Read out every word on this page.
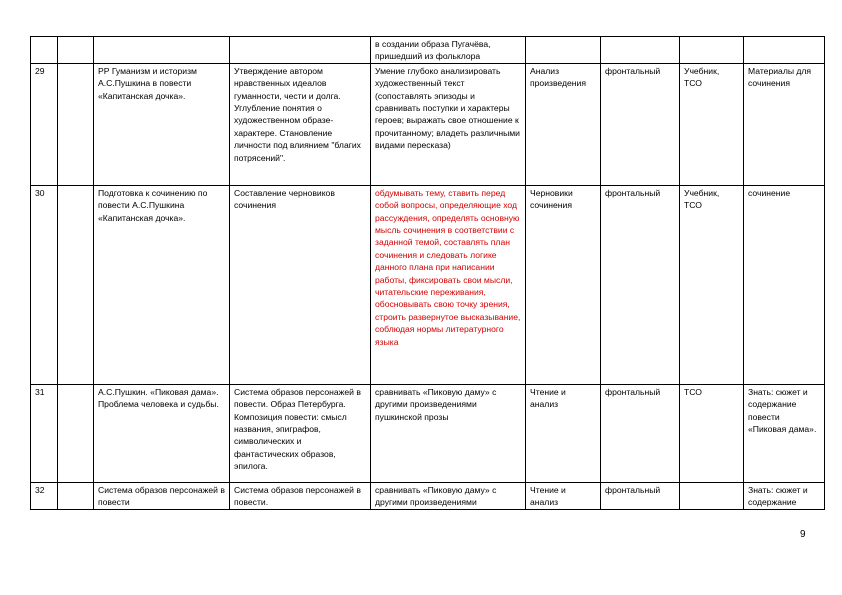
				в создании образа Пугачёва, пришедший из фольклора				
29		РР Гуманизм и историзм А.С.Пушкина в повести «Капитанская дочка».	Утверждение автором нравственных идеалов гуманности, чести и долга. Углубление понятия о художественном образе-характере. Становление личности под влиянием "благих потрясений".	Умение глубоко анализировать художественный текст (сопоставлять эпизоды и сравнивать поступки и характеры героев; выражать свое отношение к прочитанному; владеть различными видами пересказа)	Анализ произведения	фронтальный	Учебник, ТСО	Материалы для сочинения
30		Подготовка к сочинению по повести А.С.Пушкина «Капитанская дочка».	Составление черновиков сочинения	обдумывать тему, ставить перед собой вопросы, определяющие ход рассуждения, определять основную мысль сочинения в соответствии с заданной темой, составлять план сочинения и следовать логике данного плана при написании работы, фиксировать свои мысли, читательские переживания, обосновывать свою точку зрения, строить развернутое высказывание, соблюдая нормы литературного языка	Черновики сочинения	фронтальный	Учебник, ТСО	сочинение
31		А.С.Пушкин. «Пиковая дама». Проблема человека и судьбы.	Система образов персонажей в повести. Образ Петербурга. Композиция повести: смысл названия, эпиграфов, символических и фантастических образов, эпилога.	сравнивать «Пиковую даму» с другими произведениями пушкинской прозы	Чтение и анализ	фронтальный	ТСО	Знать: сюжет и содержание повести «Пиковая дама».
32		Система образов персонажей в повести	Система образов персонажей в повести.	сравнивать «Пиковую даму» с другими произведениями	Чтение и анализ	фронтальный		Знать: сюжет и содержание
9
